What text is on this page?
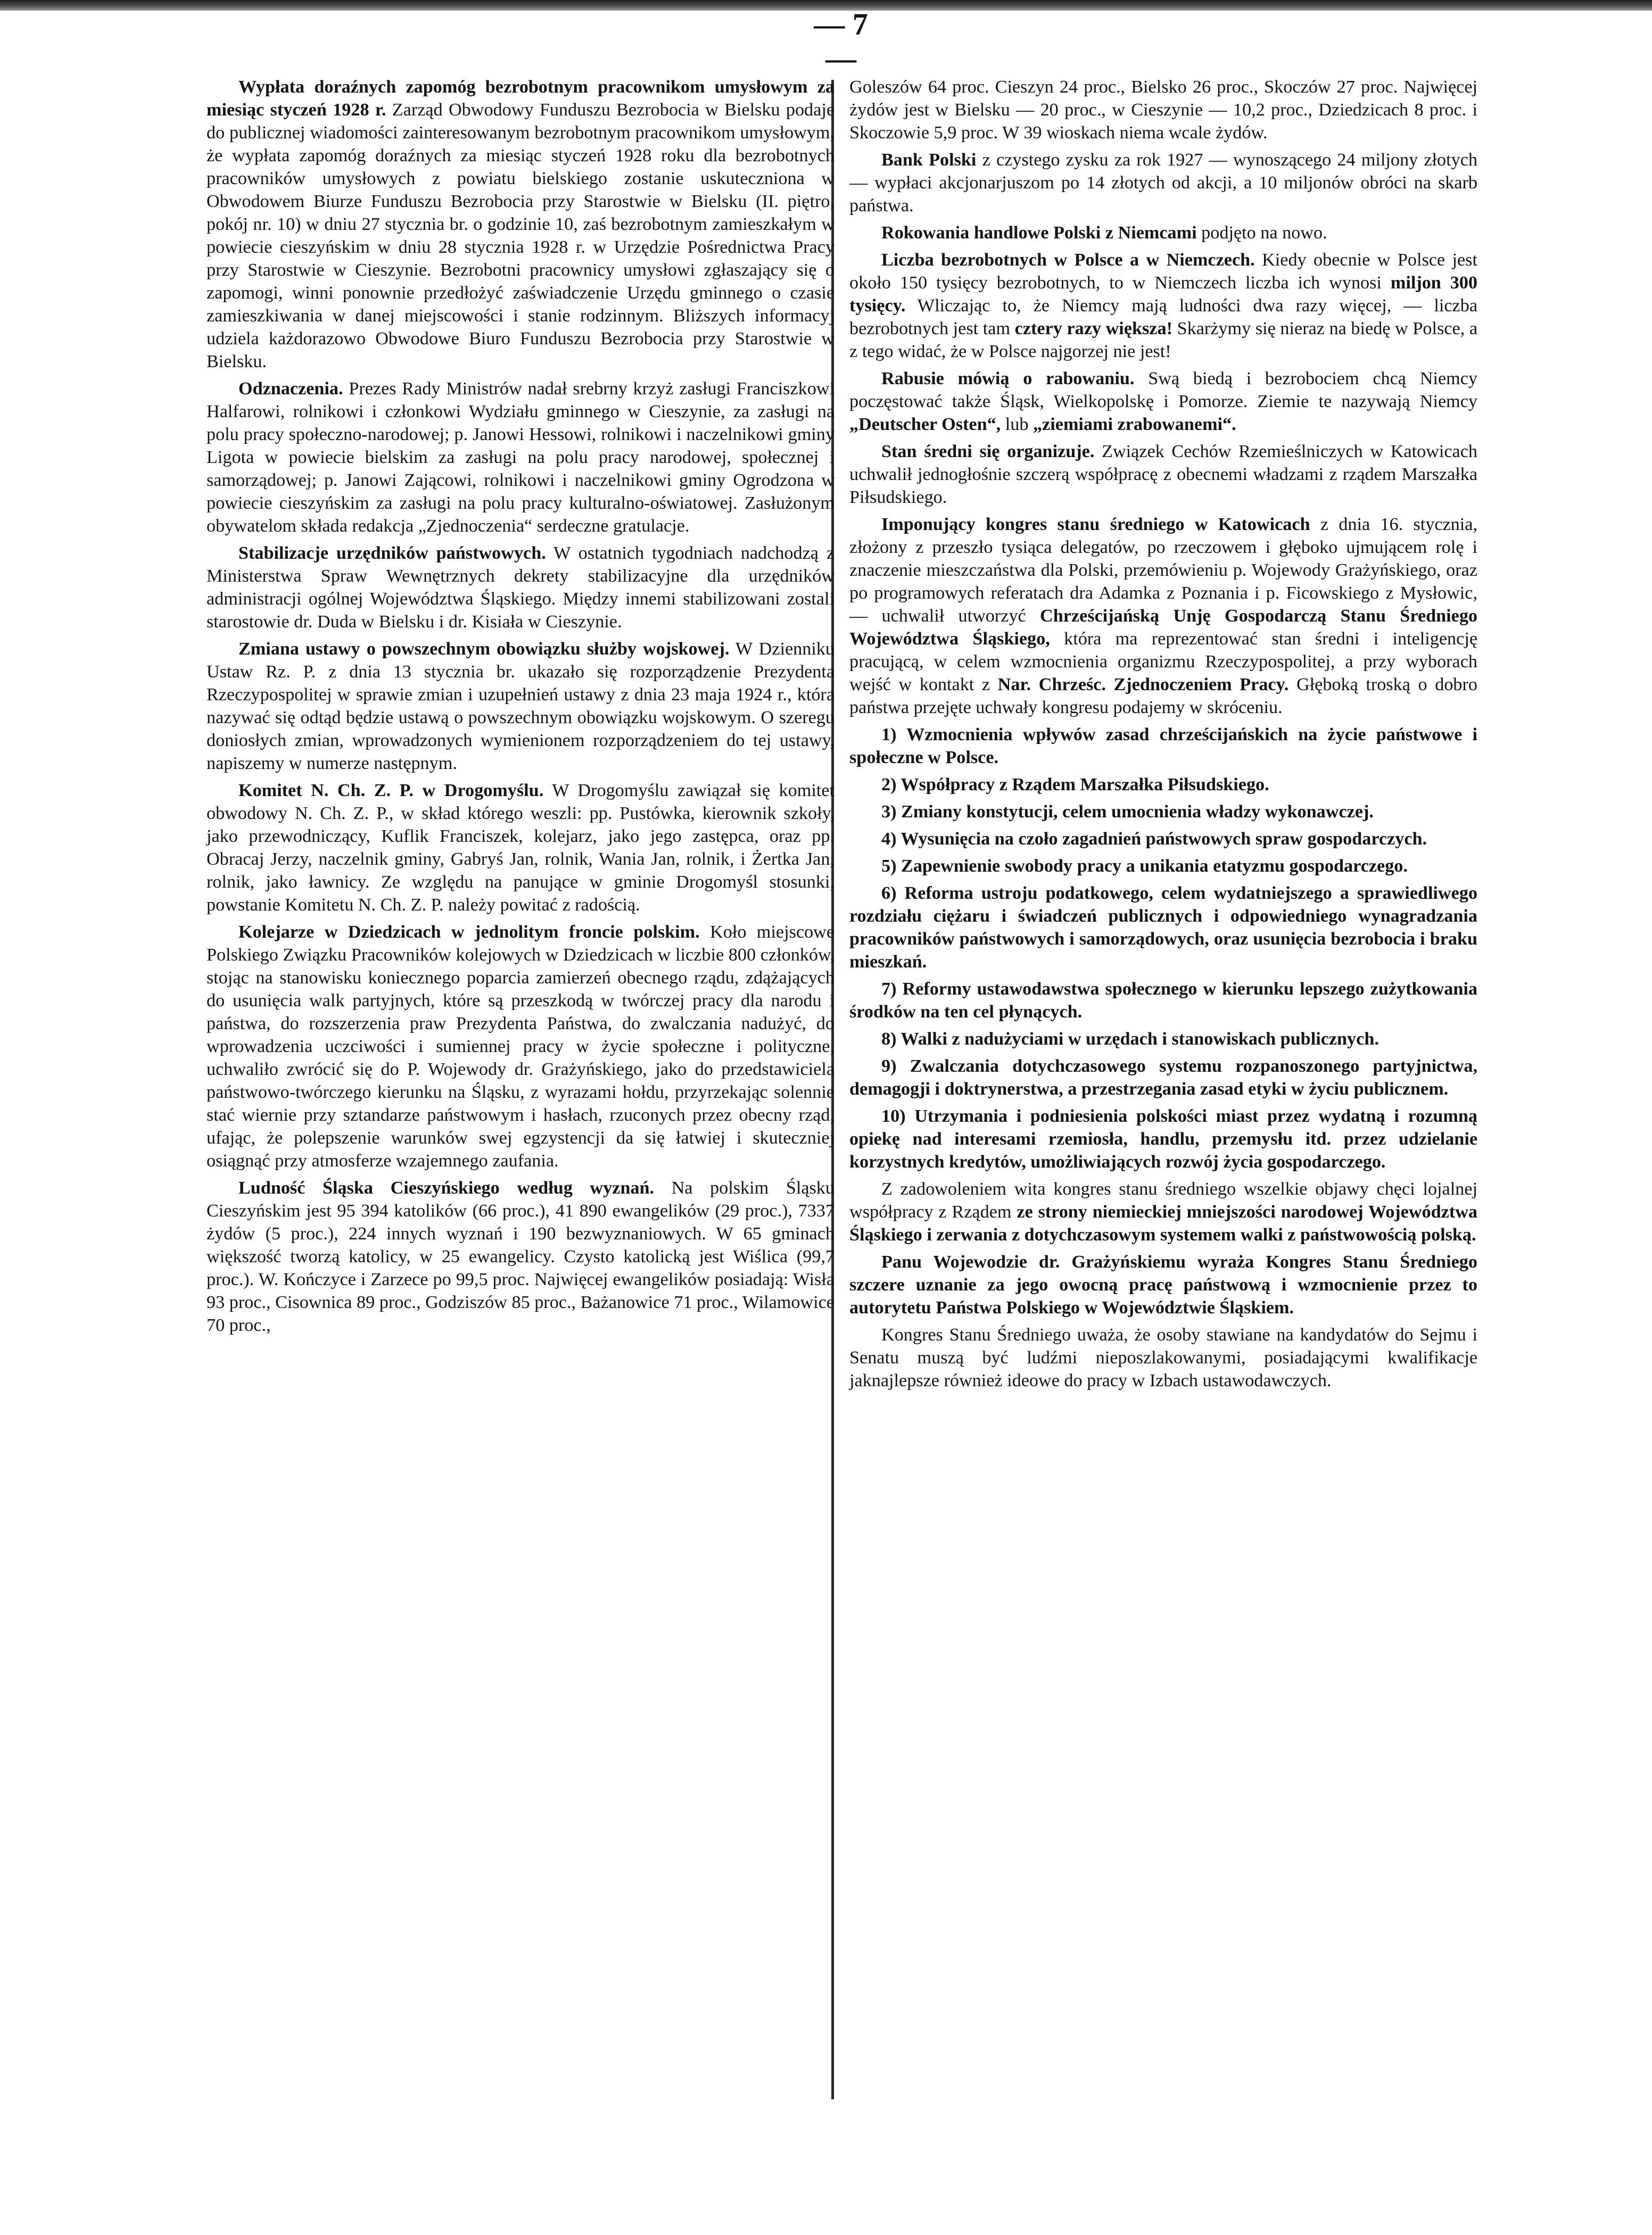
— 7 —

Wypłata doraźnych zapomóg bezrobotnym pracownikom umysłowym za miesiąc styczeń 1928 r. Zarząd Obwodowy Funduszu Bezrobocia w Bielsku podaje do publicznej wiadomości zainteresowanym bezrobotnym pracownikom umysłowym, że wypłata zapomóg doraźnych za miesiąc styczeń 1928 roku dla bezrobotnych pracowników umysłowych z powiatu bielskiego zostanie uskuteczniona w Obwodowem Biurze Funduszu Bezrobocia przy Starostwie w Bielsku (II. piętro, pokój nr. 10) w dniu 27 stycznia br. o godzinie 10, zaś bezrobotnym zamieszkałym w powiecie cieszyńskim w dniu 28 stycznia 1928 r. w Urzędzie Pośrednictwa Pracy przy Starostwie w Cieszynie. Bezrobotni pracownicy umysłowi zgłaszający się o zapomogi, winni ponownie przedłożyć zaświadczenie Urzędu gminnego o czasie zamieszkiwania w danej miejscowości i stanie rodzinnym. Bliższych informacyj udziela każdorazowo Obwodowe Biuro Funduszu Bezrobocia przy Starostwie w Bielsku.

Odznaczenia. Prezes Rady Ministrów nadał srebrny krzyż zasługi Franciszkowi Halfarowi, rolnikowi i członkowi Wydziału gminnego w Cieszynie, za zasługi na polu pracy społeczno-narodowej; p. Janowi Hessowi, rolnikowi i naczelnikowi gminy Ligota w powiecie bielskim za zasługi na polu pracy narodowej, społecznej i samorządowej; p. Janowi Zającowi, rolnikowi i naczelnikowi gminy Ogrodzona w powiecie cieszyńskim za zasługi na polu pracy kulturalno-oświatowej. Zasłużonym obywatelom składa redakcja „Zjednoczenia“ serdeczne gratulacje.

Stabilizacje urzędników państwowych. W ostatnich tygodniach nadchodzą z Ministerstwa Spraw Wewnętrznych dekrety stabilizacyjne dla urzędników administracji ogólnej Województwa Śląskiego. Między innemi stabilizowani zostali starostowie dr. Duda w Bielsku i dr. Kisiała w Cieszynie.

Zmiana ustawy o powszechnym obowiązku służby wojskowej. W Dzienniku Ustaw Rz. P. z dnia 13 stycznia br. ukazało się rozporządzenie Prezydenta Rzeczypospolitej w sprawie zmian i uzupełnień ustawy z dnia 23 maja 1924 r., która nazywać się odtąd będzie ustawą o powszechnym obowiązku wojskowym. O szeregu doniosłych zmian, wprowadzonych wymienionem rozporządzeniem do tej ustawy, napiszemy w numerze następnym.

Komitet N. Ch. Z. P. w Drogomyślu. W Drogomyślu zawiązał się komitet obwodowy N. Ch. Z. P., w skład którego weszli: pp. Pustówka, kierownik szkoły, jako przewodniczący, Kuflik Franciszek, kolejarz, jako jego zastępca, oraz pp. Obracaj Jerzy, naczelnik gminy, Gabryś Jan, rolnik, Wania Jan, rolnik, i Żertka Jan, rolnik, jako ławnicy. Ze względu na panujące w gminie Drogomyśl stosunki, powstanie Komitetu N. Ch. Z. P. należy powitać z radością.

Kolejarze w Dziedzicach w jednolitym froncie polskim. Koło miejscowe Polskiego Związku Pracowników kolejowych w Dziedzicach w liczbie 800 członków, stojąc na stanowisku koniecznego poparcia zamierzeń obecnego rządu, zdążających do usunięcia walk partyjnych, które są przeszkodą w twórczej pracy dla narodu i państwa, do rozszerzenia praw Prezydenta Państwa, do zwalczania nadużyć, do wprowadzenia uczciwości i sumiennej pracy w życie społeczne i polityczne, uchwaliło zwrócić się do P. Wojewody dr. Grażyńskiego, jako do przedstawiciela państwowo-twórczego kierunku na Śląsku, z wyrazami hołdu, przyrzekając solennie stać wiernie przy sztandarze państwowym i hasłach, rzuconych przez obecny rząd, ufając, że polepszenie warunków swej egzystencji da się łatwiej i skuteczniej osiągnąć przy atmosferze wzajemnego zaufania.

Ludność Śląska Cieszyńskiego według wyznań. Na polskim Śląsku Cieszyńskim jest 95 394 katolików (66 proc.), 41 890 ewangelików (29 proc.), 7337 żydów (5 proc.), 224 innych wyznań i 190 bezwyznaniowych. W 65 gminach większość tworzą katolicy, w 25 ewangelicy. Czysto katolicką jest Wiślica (99,7 proc.). W. Kończyce i Zarzece po 99,5 proc. Najwięcej ewangelików posiadają: Wisła 93 proc., Cisownica 89 proc., Godziszów 85 proc., Bażanowice 71 proc., Wilamowice 70 proc.,

Goleszów 64 proc. Cieszyn 24 proc., Bielsko 26 proc., Skoczów 27 proc. Najwięcej żydów jest w Bielsku — 20 proc., w Cieszynie — 10,2 proc., Dziedzicach 8 proc. i Skoczowie 5,9 proc. W 39 wioskach niema wcale żydów.

Bank Polski z czystego zysku za rok 1927 — wynoszącego 24 miljony złotych — wypłaci akcjonarjuszom po 14 złotych od akcji, a 10 miljonów obróci na skarb państwa.

Rokowania handlowe Polski z Niemcami podjęto na nowo.

Liczba bezrobotnych w Polsce a w Niemczech. Kiedy obecnie w Polsce jest około 150 tysięcy bezrobotnych, to w Niemczech liczba ich wynosi miljon 300 tysięcy. Wliczając to, że Niemcy mają ludności dwa razy więcej, — liczba bezrobotnych jest tam cztery razy większa! Skarżymy się nieraz na biedę w Polsce, a z tego widać, że w Polsce najgorzej nie jest!

Rabusie mówią o rabowaniu. Swą biedą i bezrobociem chcą Niemcy poczęstować także Śląsk, Wielkopolskę i Pomorze. Ziemie te nazywają Niemcy „Deutscher Osten“, lub „ziemiami zrabowanemi“.

Stan średni się organizuje. Związek Cechów Rzemieślniczych w Katowicach uchwalił jednogłośnie szczerą współpracę z obecnemi władzami z rządem Marszałka Piłsudskiego.

Imponujący kongres stanu średniego w Katowicach z dnia 16. stycznia, złożony z przeszło tysiąca delegatów, po rzeczowem i głęboko ujmującem rolę i znaczenie mieszczaństwa dla Polski, przemówieniu p. Wojewody Grażyńskiego, oraz po programowych referatach dra Adamka z Poznania i p. Ficowskiego z Mysłowic, — uchwalił utworzyć Chrześcijańską Unję Gospodarczą Stanu Średniego Województwa Śląskiego, która ma reprezentować stan średni i inteligencję pracującą, w celem wzmocnienia organizmu Rzeczypospolitej, a przy wyborach wejść w kontakt z Nar. Chrześc. Zjednoczeniem Pracy. Głęboką troską o dobro państwa przejęte uchwały kongresu podajemy w skróceniu.

1) Wzmocnienia wpływów zasad chrześcijańskich na życie państwowe i społeczne w Polsce.

2) Współpracy z Rządem Marszałka Piłsudskiego.

3) Zmiany konstytucji, celem umocnienia władzy wykonawczej.

4) Wysunięcia na czoło zagadnień państwowych spraw gospodarczych.

5) Zapewnienie swobody pracy a unikania etatyzmu gospodarczego.

6) Reforma ustroju podatkowego, celem wydatniejszego a sprawiedliwego rozdziału ciężaru i świadczeń publicznych i odpowiedniego wynagradzania pracowników państwowych i samorządowych, oraz usunięcia bezrobocia i braku mieszkań.

7) Reformy ustawodawstwa społecznego w kierunku lepszego zużytkowania środków na ten cel płynących.

8) Walki z nadużyciami w urzędach i stanowiskach publicznych.

9) Zwalczania dotychczasowego systemu rozpanoszonego partyjnictwa, demagogji i doktrynerstwa, a przestrzegania zasad etyki w życiu publicznem.

10) Utrzymania i podniesienia polskości miast przez wydatną i rozumną opiekę nad interesami rzemiosła, handlu, przemysłu itd. przez udzielanie korzystnych kredytów, umożliwiających rozwój życia gospodarczego.

Z zadowoleniem wita kongres stanu średniego wszelkie objawy chęci lojalnej współpracy z Rządem ze strony niemieckiej mniejszości narodowej Województwa Śląskiego i zerwania z dotychczasowym systemem walki z państwowością polską.

Panu Wojewodzie dr. Grażyńskiemu wyraża Kongres Stanu Średniego szczere uznanie za jego owocną pracę państwową i wzmocnienie przez to autorytetu Państwa Polskiego w Województwie Śląskiem.

Kongres Stanu Średniego uważa, że osoby stawiane na kandydatów do Sejmu i Senatu muszą być ludźmi nieposzlakowanymi, posiadającymi kwalifikacje jaknajlepsze również ideowe do pracy w Izbach ustawodawczych.
